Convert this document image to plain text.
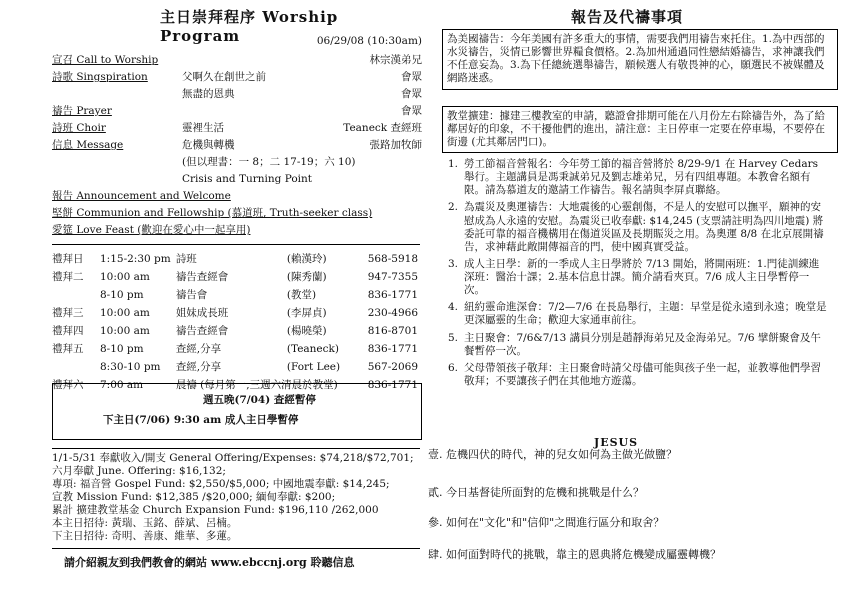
主日崇拜程序 Worship Program	06/29/08 (10:30am)
宣召 Call to Worship	林宗漢弟兄
詩歌 Singspiration	父啊久在創世之前	會眾
無盡的恩典	會眾
禱告 Prayer	會眾
詩班 Choir	靈裡生活	Teaneck 查經班
信息 Message	危機與轉機	張路加牧師
(但以理書：一 8；二 17-19；六 10)
Crisis and Turning Point
報告 Announcement and Welcome
堅餅 Communion and Fellowship (慕道班, Truth-seeker class)
愛筵 Love Feast (歡迎在愛心中一起享用)
禮拜日	1:15-2:30 pm	詩班	(賴漢玲)	568-5918
禮拜二	10:00 am	禱告查經會	(陳秀蘭)	947-7355
	8-10 pm	禱告會	(教堂)	836-1771
禮拜三	10:00 am	姐妹成長班	(李屏貞)	230-4966
禮拜四	10:00 am	禱告查經會	(楊曉榮)	816-8701
禮拜五	8-10 pm	查經,分享	(Teaneck)	836-1771
	8:30-10 pm	查經,分享	(Fort Lee)	567-2069
禮拜六	7:00 am	晨禱 (每月第一,三週六清晨於教堂)		836-1771
週五晚(7/04) 查經暫停
下主日(7/06) 9:30 am 成人主日學暫停
1/1-5/31 奉獻收入/開支 General Offering/Expenses: $74,218/$72,701;
六月奉獻 June. Offering: $16,132;
專項: 福音營 Gospel Fund: $2,550/$5,000; 中國地震奉獻: $14,245;
宣教 Mission Fund: $12,385 /$20,000; 緬甸奉獻: $200;
累計 擴建教堂基金 Church Expansion Fund: $196,110 /262,000
本主日招待: 黃瑞、玉銘、薛斌、呂楠。
下主日招待: 奇明、善康、維華、多蓮。
請介紹親友到我們教會的網站 www.ebccnj.org 聆聽信息
報告及代禱事項

為美國禱告：今年美國有許多重大的事情，需要我們用禱告來托住。1.為中西部的水災禱告，災情已影響世界糧食價格。2.為加州通過同性戀結婚禱告，求神讓我們不任意妄為。3.為下任總統選舉禱告，願候選人有敬畏神的心，願選民不被媒體及網路迷惑。

教堂擴建：據建三樓教室的申請，聽證會排期可能在八月份左右除禱告外，為了給鄰居好的印象，不干擾他們的進出，請注意：主日停車一定要在停車場，不要停在街邊 (尤其鄰居門口)。

1. 勞工節福音營報名：今年勞工節的福音營將於 8/29-9/1 在 Harvey Cedars 舉行。主題講員是馮秉誠弟兄及劉志雄弟兄，另有四組專題。本教會名額有限。請為慕道友的邀請工作禱告。報名請與李屏貞聯絡。
2. 為震災及奧運禱告：大地震後的心靈創傷，不是人的安慰可以撫平，願神的安慰成為人永遠的安慰。為震災已收奉獻: $14,245 (支票請註明為四川地震) 將委託可靠的福音機構用在傷道災區及長期賑災之用。為奧運 8/8 在北京展開禱告，求神藉此敞開傳福音的門，使中國真實受益。
3. 成人主日學：新的一季成人主日學將於 7/13 開始，將開兩班：1.門徒訓練進深班：醫治十課；2.基本信息廿課。簡介請看夾頁。7/6 成人主日學暫停一次。
4. 紐約靈命進深會：7/2—7/6 在長島舉行，主題：早堂是從永遠到永遠；晚堂是更深屬靈的生命；歡迎大家通車前往。
5. 主日聚會：7/6&7/13 講員分別是趙靜海弟兄及金海弟兄。7/6 擘餅聚會及午餐暫停一次。
6. 父母帶領孩子敬拜：主日聚會時請父母儘可能與孩子坐一起，並教導他們學習敬拜；不要讓孩子們在其他地方遊蕩。
JESUS
壹. 危機四伏的時代，神的兒女如何為主做光做鹽？
貳. 今日基督徒所面對的危機和挑戰是什么？
參. 如何在"文化"和"信仰"之間進行區分和取舍？
肆. 如何面對時代的挑戰，靠主的恩典將危機變成屬靈轉機？
